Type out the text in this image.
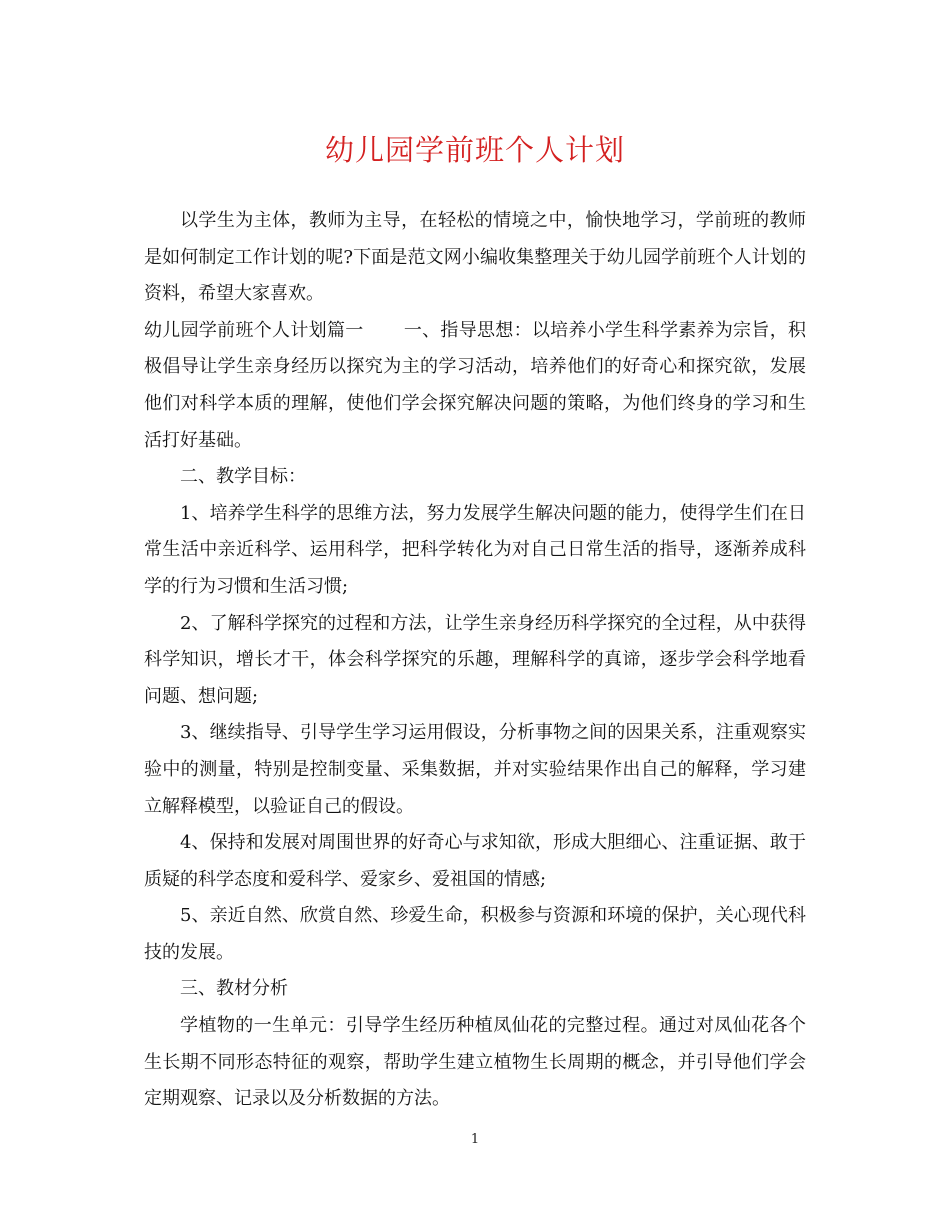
幼儿园学前班个人计划

以学生为主体，教师为主导，在轻松的情境之中，愉快地学习，学前班的教师是如何制定工作计划的呢?下面是范文网小编收集整理关于幼儿园学前班个人计划的资料，希望大家喜欢。

幼儿园学前班个人计划篇一 一、指导思想：以培养小学生科学素养为宗旨，积极倡导让学生亲身经历以探究为主的学习活动，培养他们的好奇心和探究欲，发展他们对科学本质的理解，使他们学会探究解决问题的策略，为他们终身的学习和生活打好基础。

二、教学目标：

1、培养学生科学的思维方法，努力发展学生解决问题的能力，使得学生们在日常生活中亲近科学、运用科学，把科学转化为对自己日常生活的指导，逐渐养成科学的行为习惯和生活习惯;

2、了解科学探究的过程和方法，让学生亲身经历科学探究的全过程，从中获得科学知识，增长才干，体会科学探究的乐趣，理解科学的真谛，逐步学会科学地看问题、想问题;

3、继续指导、引导学生学习运用假设，分析事物之间的因果关系，注重观察实验中的测量，特别是控制变量、采集数据，并对实验结果作出自己的解释，学习建立解释模型，以验证自己的假设。

4、保持和发展对周围世界的好奇心与求知欲，形成大胆细心、注重证据、敢于质疑的科学态度和爱科学、爱家乡、爱祖国的情感;

5、亲近自然、欣赏自然、珍爱生命，积极参与资源和环境的保护，关心现代科技的发展。

三、教材分析

学植物的一生单元：引导学生经历种植凤仙花的完整过程。通过对凤仙花各个生长期不同形态特征的观察，帮助学生建立植物生长周期的概念，并引导他们学会定期观察、记录以及分析数据的方法。

1
